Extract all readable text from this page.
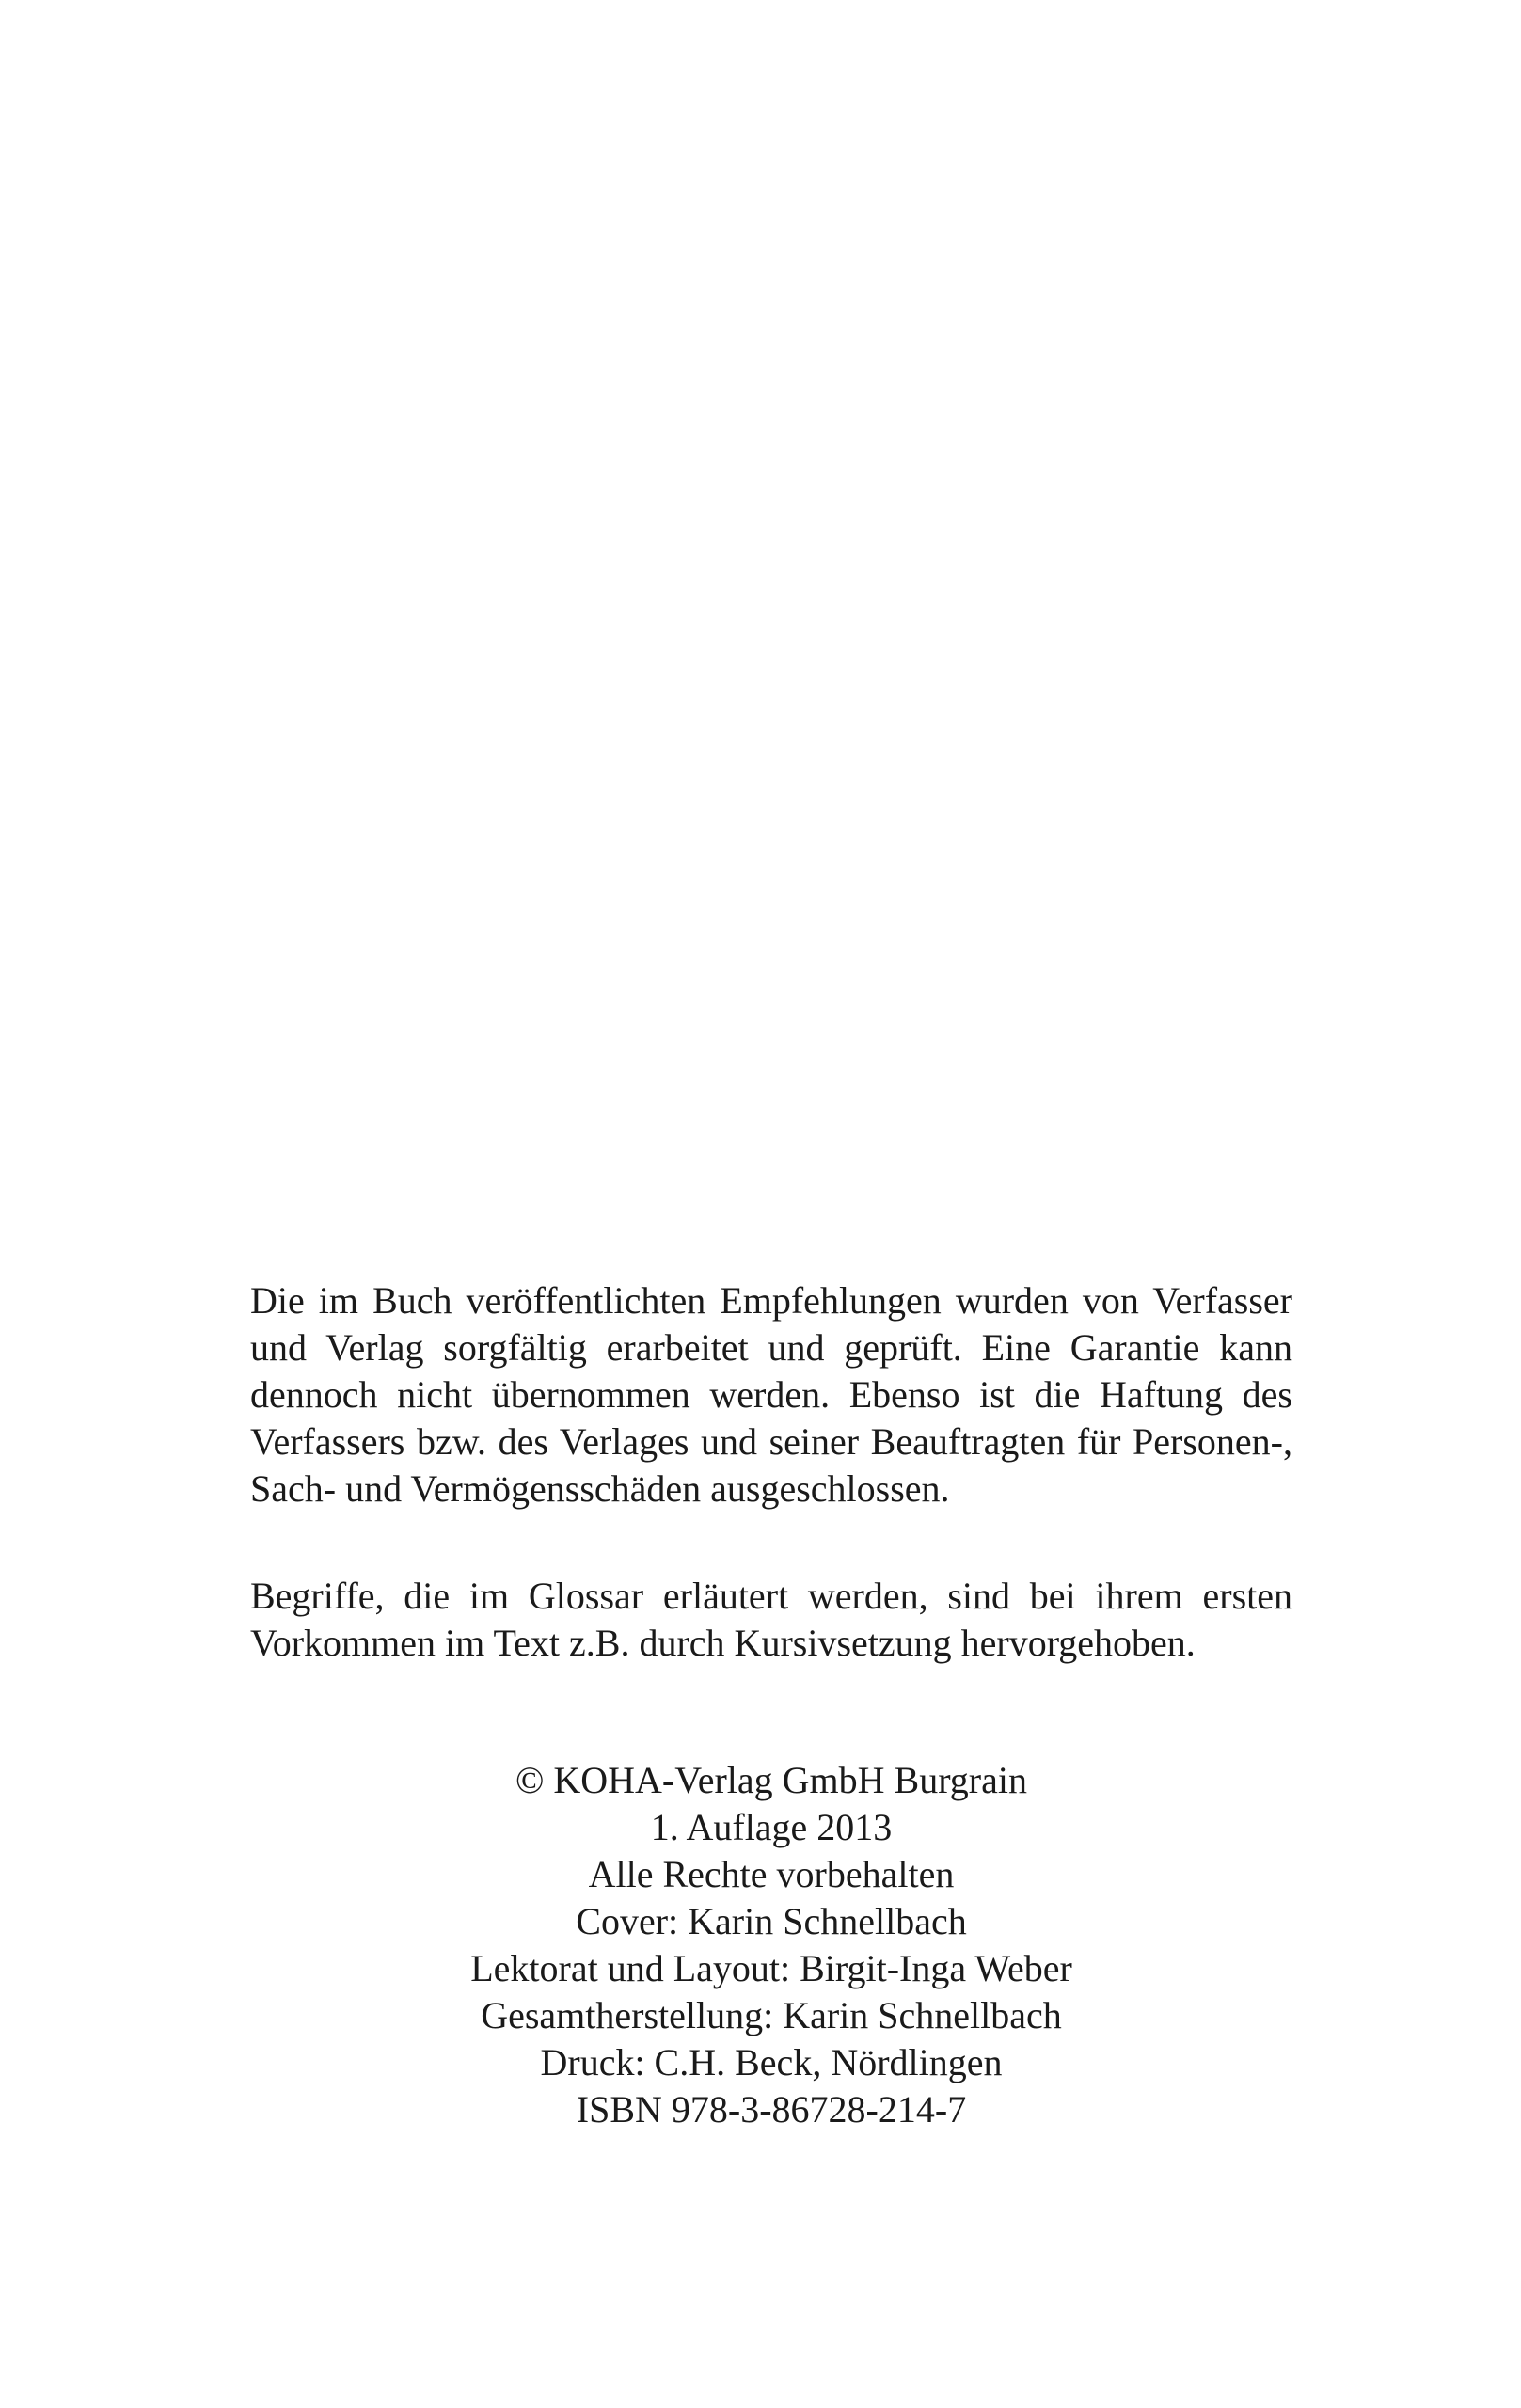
Die im Buch veröffentlichten Empfehlungen wurden von Verfasser
und Verlag sorgfältig erarbeitet und geprüft. Eine Garantie kann
dennoch nicht übernommen werden. Ebenso ist die Haftung des
Verfassers bzw. des Verlages und seiner Beauftragten für Personen-,
Sach- und Vermögensschäden ausgeschlossen.

Begriffe, die im Glossar erläutert werden, sind bei ihrem ersten
Vorkommen im Text z.B. durch Kursivsetzung hervorgehoben.

© KOHA-Verlag GmbH Burgrain
1. Auflage 2013
Alle Rechte vorbehalten
Cover: Karin Schnellbach
Lektorat und Layout: Birgit-Inga Weber
Gesamtherstellung: Karin Schnellbach
Druck: C.H. Beck, Nördlingen
ISBN 978-3-86728-214-7
